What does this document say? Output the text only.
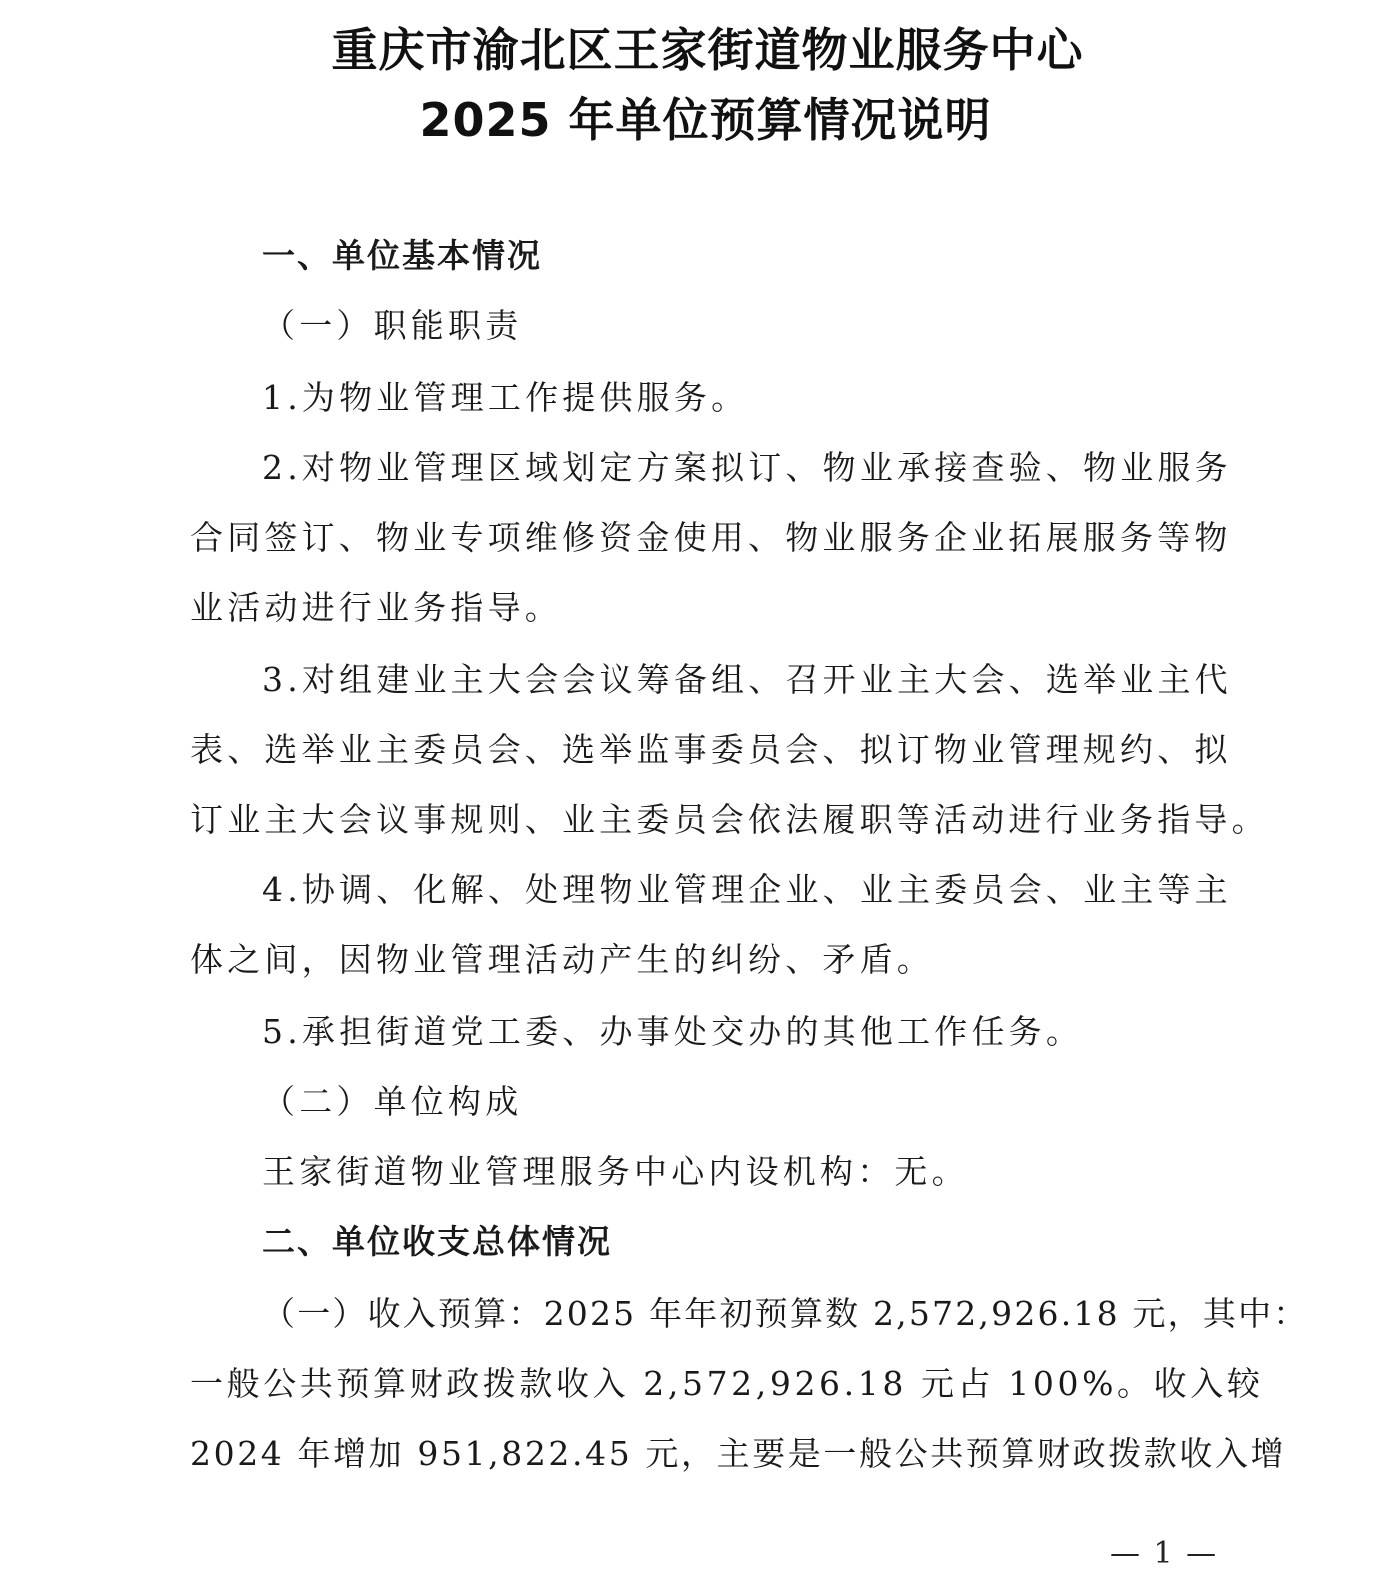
重庆市渝北区王家街道物业服务中心
2025 年单位预算情况说明
一、单位基本情况
（一）职能职责
1.为物业管理工作提供服务。
2.对物业管理区域划定方案拟订、物业承接查验、物业服务
合同签订、物业专项维修资金使用、物业服务企业拓展服务等物
业活动进行业务指导。
3.对组建业主大会会议筹备组、召开业主大会、选举业主代
表、选举业主委员会、选举监事委员会、拟订物业管理规约、拟
订业主大会议事规则、业主委员会依法履职等活动进行业务指导。
4.协调、化解、处理物业管理企业、业主委员会、业主等主
体之间，因物业管理活动产生的纠纷、矛盾。
5.承担街道党工委、办事处交办的其他工作任务。
（二）单位构成
王家街道物业管理服务中心内设机构：无。
二、单位收支总体情况
（一）收入预算：2025 年年初预算数 2,572,926.18 元，其中：
一般公共预算财政拨款收入 2,572,926.18 元占 100%。收入较
2024 年增加 951,822.45 元，主要是一般公共预算财政拨款收入增
— 1 —
